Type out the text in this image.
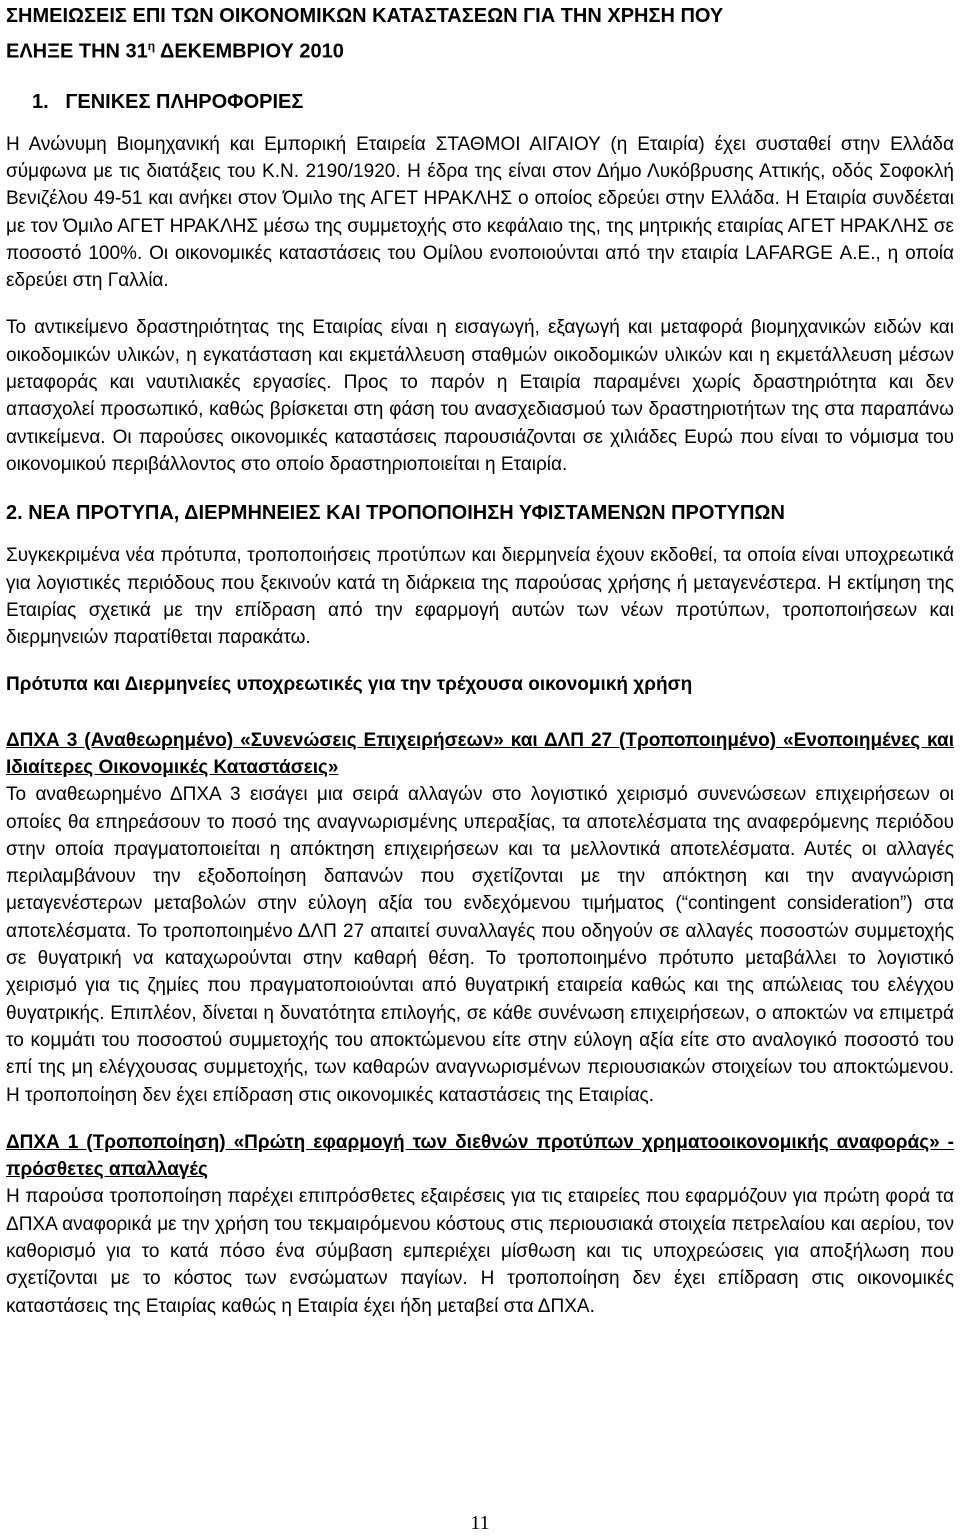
ΣΗΜΕΙΩΣΕΙΣ ΕΠΙ ΤΩΝ ΟΙΚΟΝΟΜΙΚΩΝ ΚΑΤΑΣΤΑΣΕΩΝ ΓΙΑ ΤΗΝ ΧΡΗΣΗ ΠΟΥ
ΕΛΗΞΕ ΤΗΝ $31^\eta$ ΔΕΚΕΜΒΡΙΟΥ 2010
1.   ΓΕΝΙΚΕΣ ΠΛΗΡΟΦΟΡΙΕΣ

Η Ανώνυμη Βιομηχανική και Εμπορική Εταιρεία ΣΤΑΘΜΟΙ ΑΙΓΑΙΟΥ (η Εταιρία) έχει συσταθεί στην Ελλάδα σύμφωνα με τις διατάξεις του Κ.Ν. 2190/1920. Η έδρα της είναι στον Δήμο Λυκόβρυσης Αττικής, οδός Σοφοκλή Βενιζέλου 49-51 και ανήκει στον Όμιλο της ΑΓΕΤ ΗΡΑΚΛΗΣ ο οποίος εδρεύει στην Ελλάδα. Η Εταιρία συνδέεται με τον Όμιλο ΑΓΕΤ ΗΡΑΚΛΗΣ μέσω της συμμετοχής στο κεφάλαιο της, της μητρικής εταιρίας ΑΓΕΤ ΗΡΑΚΛΗΣ σε ποσοστό 100%. Οι οικονομικές καταστάσεις του Ομίλου ενοποιούνται από την εταιρία LAFARGE Α.Ε., η οποία εδρεύει στη Γαλλία.

Το αντικείμενο δραστηριότητας της Εταιρίας είναι η εισαγωγή, εξαγωγή και μεταφορά βιομηχανικών ειδών και οικοδομικών υλικών, η εγκατάσταση και εκμετάλλευση σταθμών οικοδομικών υλικών και η εκμετάλλευση μέσων μεταφοράς και ναυτιλιακές εργασίες. Προς το παρόν η Εταιρία παραμένει χωρίς δραστηριότητα και δεν απασχολεί προσωπικό, καθώς βρίσκεται στη φάση του ανασχεδιασμού των δραστηριοτήτων της στα παραπάνω αντικείμενα. Οι παρούσες οικονομικές καταστάσεις παρουσιάζονται σε χιλιάδες Ευρώ που είναι το νόμισμα του οικονομικού περιβάλλοντος στο οποίο δραστηριοποιείται η Εταιρία.

2. ΝΕΑ ΠΡΟΤΥΠΑ, ΔΙΕΡΜΗΝΕΙΕΣ ΚΑΙ ΤΡΟΠΟΠΟΙΗΣΗ ΥΦΙΣΤΑΜΕΝΩΝ ΠΡΟΤΥΠΩΝ

Συγκεκριμένα νέα πρότυπα, τροποποιήσεις προτύπων και διερμηνεία έχουν εκδοθεί, τα οποία είναι υποχρεωτικά για λογιστικές περιόδους που ξεκινούν κατά τη διάρκεια της παρούσας χρήσης ή μεταγενέστερα. Η εκτίμηση της Εταιρίας σχετικά με την επίδραση από την εφαρμογή αυτών των νέων προτύπων, τροποποιήσεων και διερμηνειών παρατίθεται παρακάτω.

Πρότυπα και Διερμηνείες υποχρεωτικές για την τρέχουσα οικονομική χρήση
ΔΠΧΑ 3 (Αναθεωρημένο) «Συνενώσεις Επιχειρήσεων» και ΔΛΠ 27 (Τροποποιημένο) «Ενοποιημένες και Ιδιαίτερες Οικονομικές Καταστάσεις»

Το αναθεωρημένο ΔΠΧΑ 3 εισάγει μια σειρά αλλαγών στο λογιστικό χειρισμό συνενώσεων επιχειρήσεων οι οποίες θα επηρεάσουν το ποσό της αναγνωρισμένης υπεραξίας, τα αποτελέσματα της αναφερόμενης περιόδου στην οποία πραγματοποιείται η απόκτηση επιχειρήσεων και τα μελλοντικά αποτελέσματα. Αυτές οι αλλαγές περιλαμβάνουν την εξοδοποίηση δαπανών που σχετίζονται με την απόκτηση και την αναγνώριση μεταγενέστερων μεταβολών στην εύλογη αξία του ενδεχόμενου τιμήματος (“contingent consideration”) στα αποτελέσματα. Το τροποποιημένο ΔΛΠ 27 απαιτεί συναλλαγές που οδηγούν σε αλλαγές ποσοστών συμμετοχής σε θυγατρική να καταχωρούνται στην καθαρή θέση. Το τροποποιημένο πρότυπο μεταβάλλει το λογιστικό χειρισμό για τις ζημίες που πραγματοποιούνται από θυγατρική εταιρεία καθώς και της απώλειας του ελέγχου θυγατρικής. Επιπλέον, δίνεται η δυνατότητα επιλογής, σε κάθε συνένωση επιχειρήσεων, ο αποκτών να επιμετρά το κομμάτι του ποσοστού συμμετοχής του αποκτώμενου είτε στην εύλογη αξία είτε στο αναλογικό ποσοστό του επί της μη ελέγχουσας συμμετοχής, των καθαρών αναγνωρισμένων περιουσιακών στοιχείων του αποκτώμενου. Η τροποποίηση δεν έχει επίδραση στις οικονομικές καταστάσεις της Εταιρίας.

ΔΠΧΑ 1 (Τροποποίηση) «Πρώτη εφαρμογή των διεθνών προτύπων χρηματοοικονομικής αναφοράς» - πρόσθετες απαλλαγές

Η παρούσα τροποποίηση παρέχει επιπρόσθετες εξαιρέσεις για τις εταιρείες που εφαρμόζουν για πρώτη φορά τα ΔΠΧΑ αναφορικά με την χρήση του τεκμαιρόμενου κόστους στις περιουσιακά στοιχεία πετρελαίου και αερίου, τον καθορισμό για το κατά πόσο ένα σύμβαση εμπεριέχει μίσθωση και τις υποχρεώσεις για αποξήλωση που σχετίζονται με το κόστος των ενσώματων παγίων. Η τροποποίηση δεν έχει επίδραση στις οικονομικές καταστάσεις της Εταιρίας καθώς η Εταιρία έχει ήδη μεταβεί στα ΔΠΧΑ.

11
